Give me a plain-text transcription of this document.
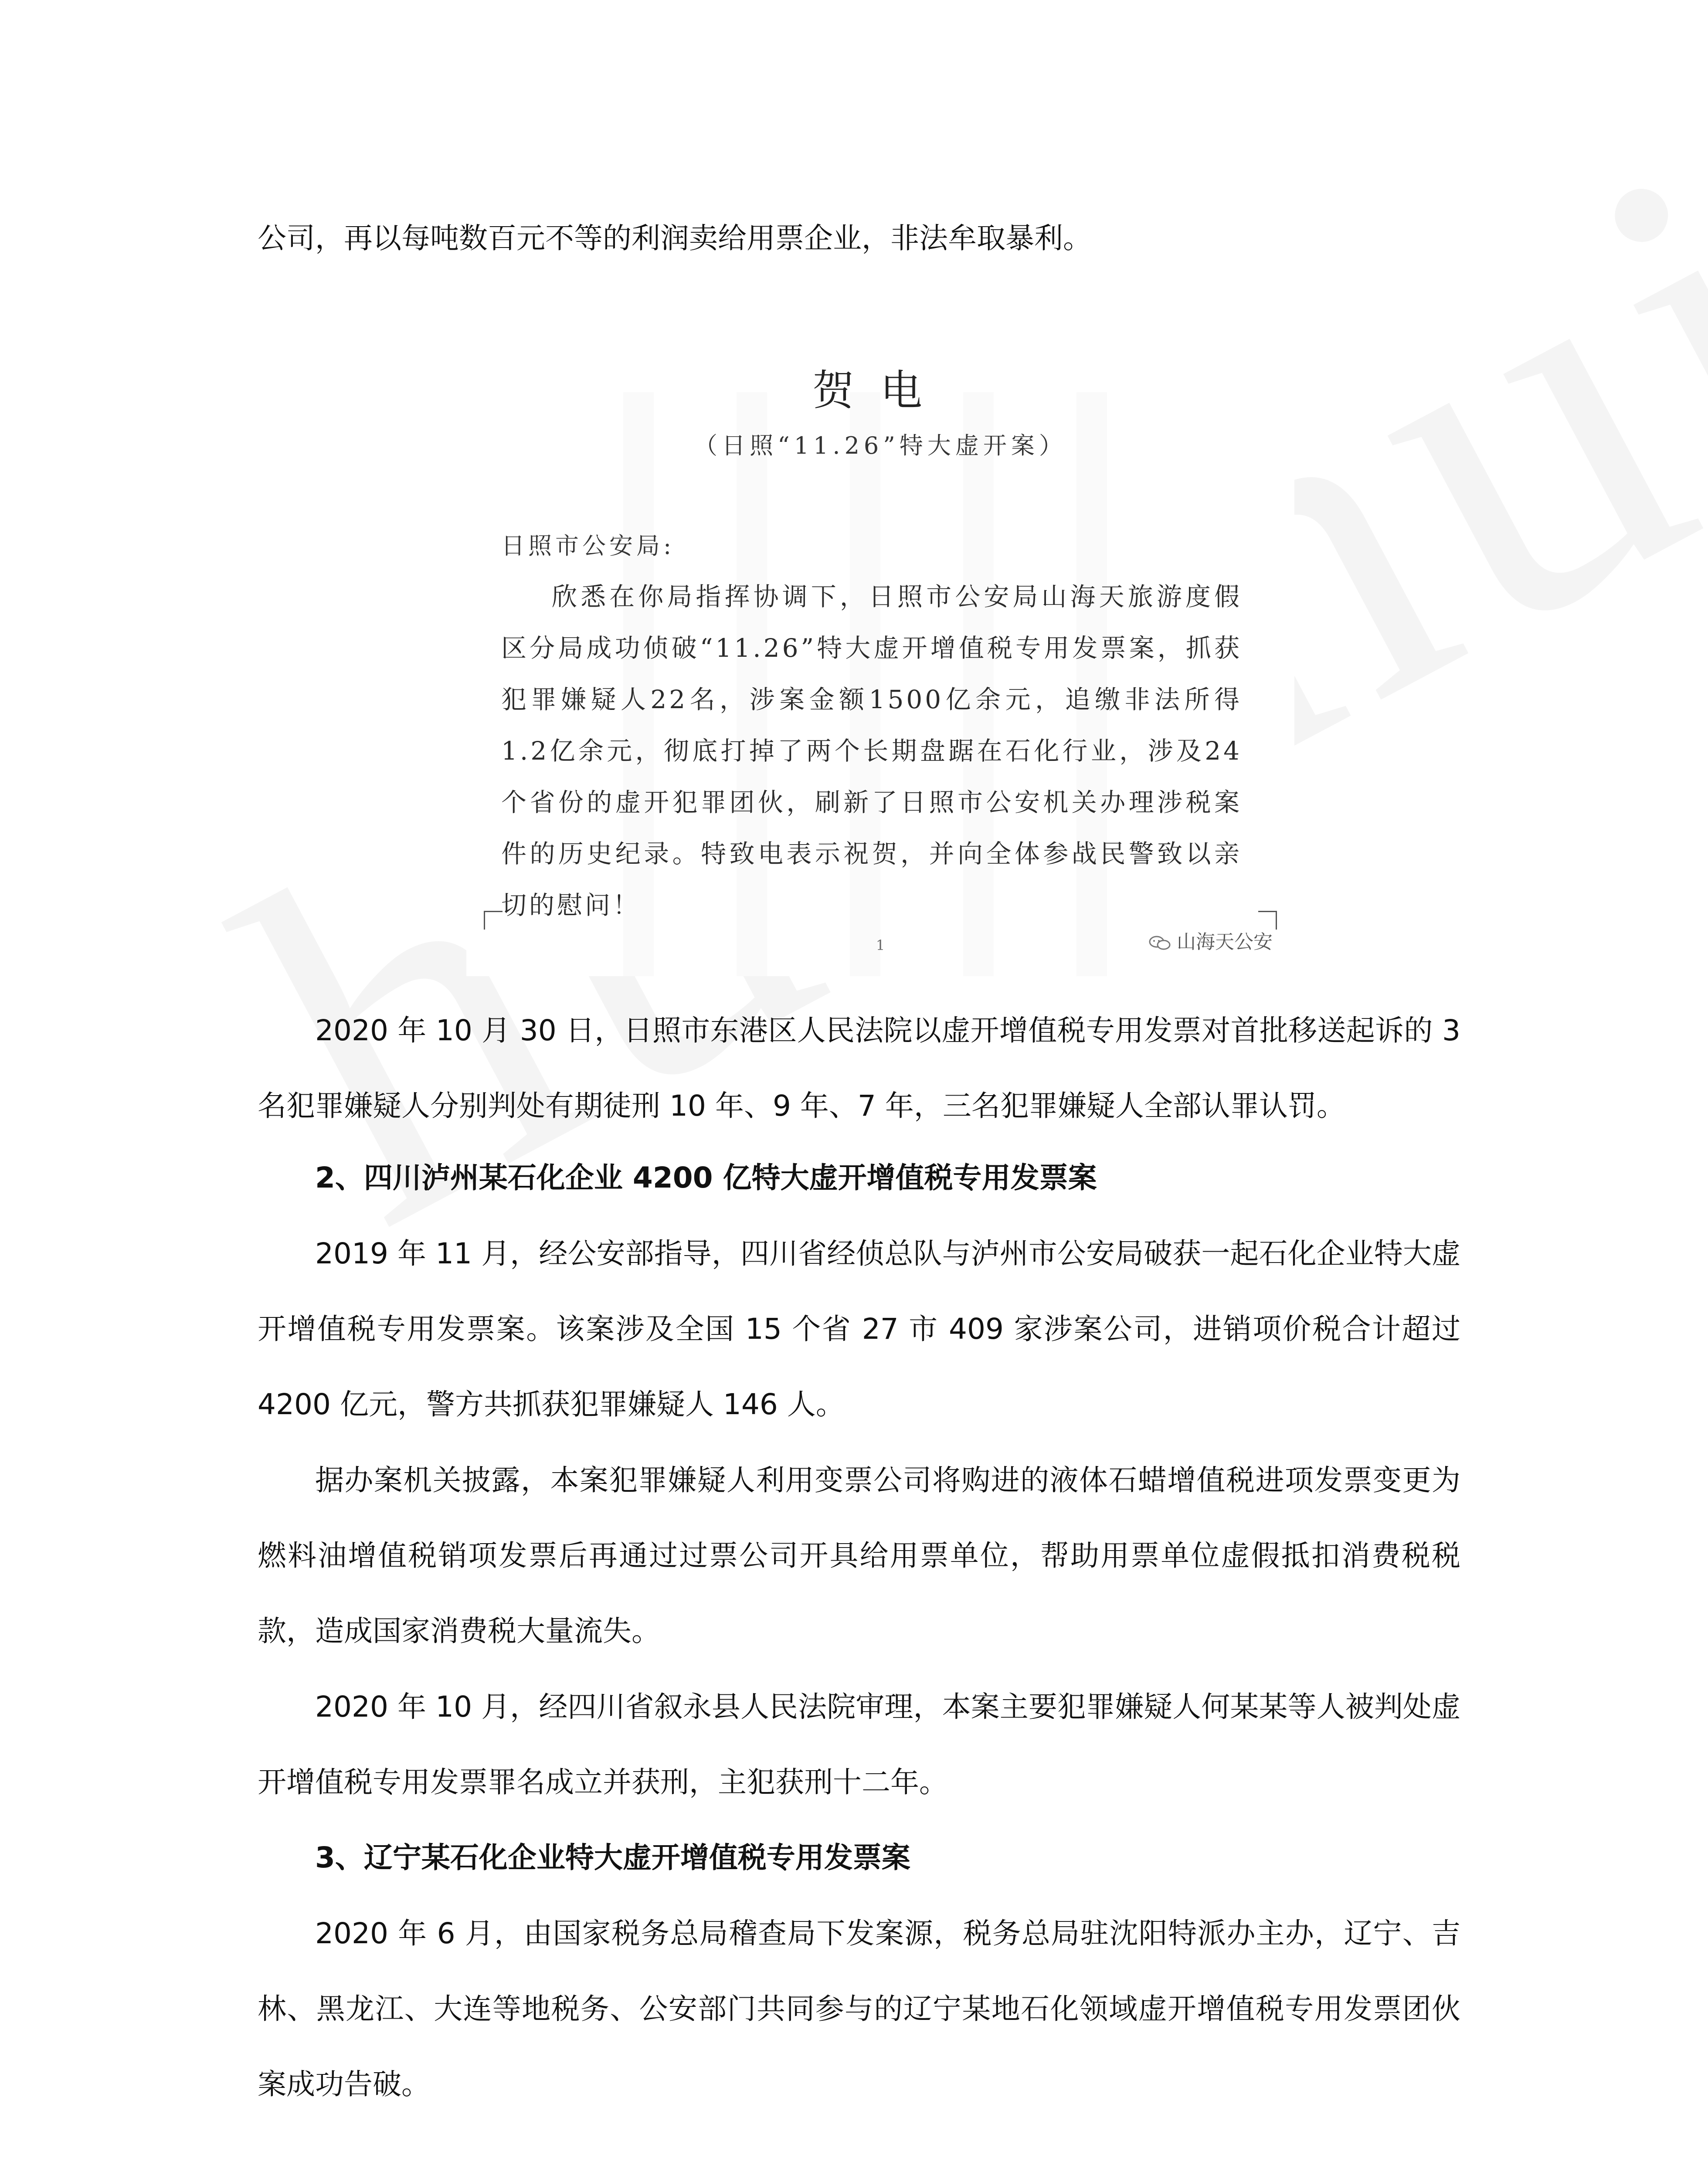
公司，再以每吨数百元不等的利润卖给用票企业，非法牟取暴利。

贺电
（日照“11.26”特大虚开案）
日照市公安局:

欣悉在你局指挥协调下，日照市公安局山海天旅游度假区分局成功侦破“11.26”特大虚开增值税专用发票案，抓获犯罪嫌疑人22名，涉案金额1500亿余元，追缴非法所得1.2亿余元，彻底打掉了两个长期盘踞在石化行业，涉及24个省份的虚开犯罪团伙，刷新了日照市公安机关办理涉税案件的历史纪录。特致电表示祝贺，并向全体参战民警致以亲切的慰问！

1	山海天公安

2020 年 10 月 30 日，日照市东港区人民法院以虚开增值税专用发票对首批移送起诉的 3 名犯罪嫌疑人分别判处有期徒刑 10 年、9 年、7 年，三名犯罪嫌疑人全部认罪认罚。

2、四川泸州某石化企业 4200 亿特大虚开增值税专用发票案

2019 年 11 月，经公安部指导，四川省经侦总队与泸州市公安局破获一起石化企业特大虚开增值税专用发票案。该案涉及全国 15 个省 27 市 409 家涉案公司，进销项价税合计超过 4200 亿元，警方共抓获犯罪嫌疑人 146 人。

据办案机关披露，本案犯罪嫌疑人利用变票公司将购进的液体石蜡增值税进项发票变更为燃料油增值税销项发票后再通过过票公司开具给用票单位，帮助用票单位虚假抵扣消费税税款，造成国家消费税大量流失。

2020 年 10 月，经四川省叙永县人民法院审理，本案主要犯罪嫌疑人何某某等人被判处虚开增值税专用发票罪名成立并获刑，主犯获刑十二年。

3、辽宁某石化企业特大虚开增值税专用发票案

2020 年 6 月，由国家税务总局稽查局下发案源，税务总局驻沈阳特派办主办，辽宁、吉林、黑龙江、大连等地税务、公安部门共同参与的辽宁某地石化领域虚开增值税专用发票团伙案成功告破。
